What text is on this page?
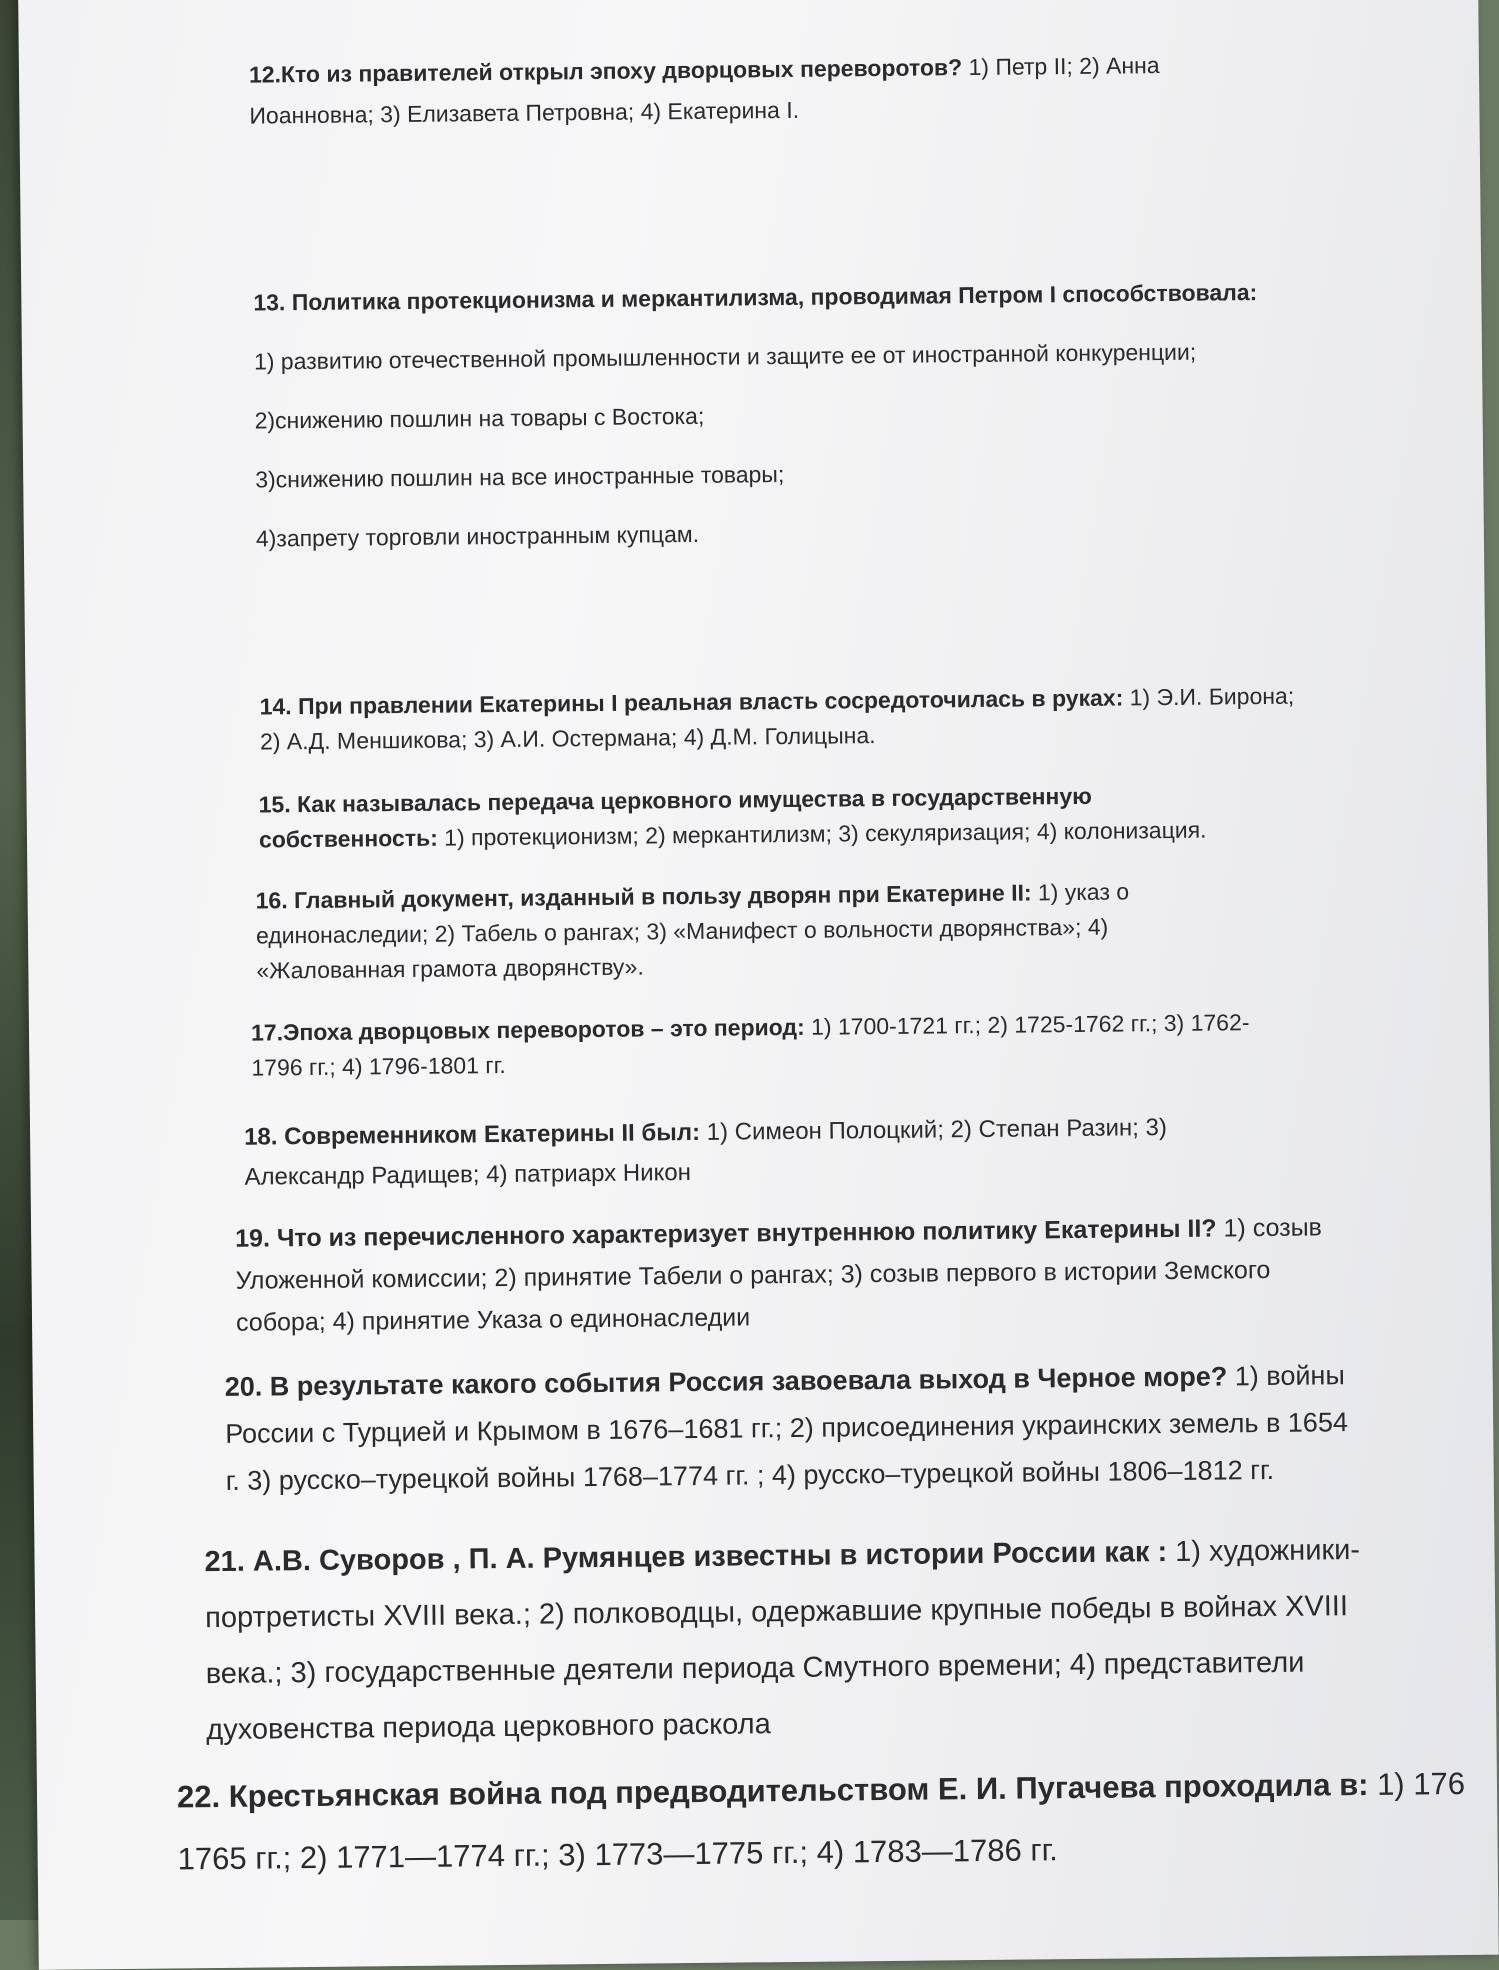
12.Кто из правителей открыл эпоху дворцовых переворотов? 1) Петр II; 2) Анна
Иоанновна; 3) Елизавета Петровна; 4) Екатерина I.
13. Политика протекционизма и меркантилизма, проводимая Петром I способствовала:
1) развитию отечественной промышленности и защите ее от иностранной конкуренции;
2)снижению пошлин на товары с Востока;
3)снижению пошлин на все иностранные товары;
4)запрету торговли иностранным купцам.
14. При правлении Екатерины I реальная власть сосредоточилась в руках: 1) Э.И. Бирона;
2) А.Д. Меншикова; 3) А.И. Остермана; 4) Д.М. Голицына.
15. Как называлась передача церковного имущества в государственную
собственность: 1) протекционизм; 2) меркантилизм; 3) секуляризация; 4) колонизация.
16. Главный документ, изданный в пользу дворян при Екатерине II: 1) указ о
единонаследии; 2) Табель о рангах; 3) «Манифест о вольности дворянства»; 4)
«Жалованная грамота дворянству».
17.Эпоха дворцовых переворотов – это период: 1) 1700-1721 гг.; 2) 1725-1762 гг.; 3) 1762-
1796 гг.; 4) 1796-1801 гг.
18. Современником Екатерины II был: 1) Симеон Полоцкий; 2) Степан Разин; 3)
Александр Радищев; 4) патриарх Никон
19. Что из перечисленного характеризует внутреннюю политику Екатерины II? 1) созыв
Уложенной комиссии; 2) принятие Табели о рангах; 3) созыв первого в истории Земского
собора; 4) принятие Указа о единонаследии
20. В результате какого события Россия завоевала выход в Черное море? 1) войны
России с Турцией и Крымом в 1676–1681 гг.; 2) присоединения украинских земель в 1654
г. 3) русско–турецкой войны 1768–1774 гг. ; 4) русско–турецкой войны 1806–1812 гг.
21. А.В. Суворов , П. А. Румянцев известны в истории России как : 1) художники-
портретисты XVIII века.; 2) полководцы, одержавшие крупные победы в войнах XVIII
века.; 3) государственные деятели периода Смутного времени; 4) представители
духовенства периода церковного раскола
22. Крестьянская война под предводительством Е. И. Пугачева проходила в: 1) 176
1765 гг.; 2) 1771—1774 гг.; 3) 1773—1775 гг.; 4) 1783—1786 гг.
